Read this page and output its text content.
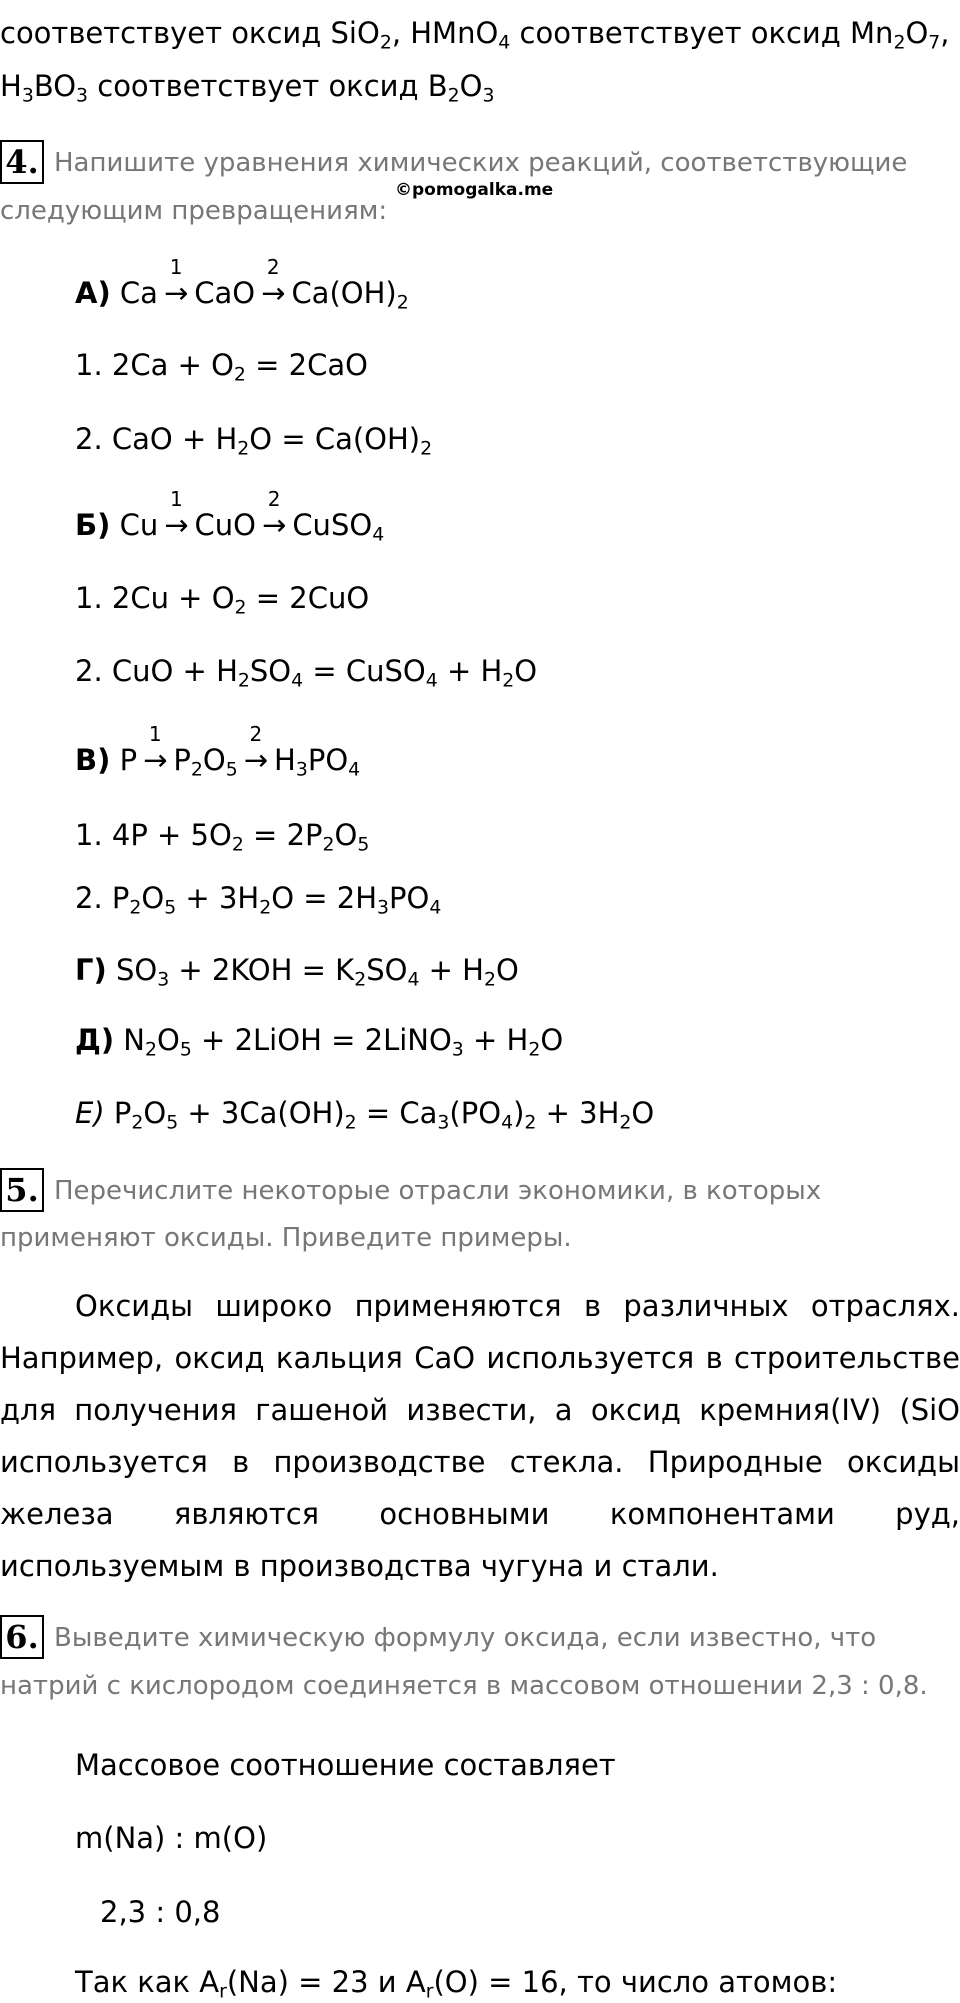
соответствует оксид SiO$_2$, HMnO$_4$ соответствует оксид $Mn_2O_7$,
$H_3BO_3$ соответствует оксид $B_2O_3$
4. Напишите уравнения химических реакций, соответствующие
следующим превращениям:
©pomogalka.me
А) Ca
1
→ CaO
2
→ $Ca(OH)_2$
1. $2Ca + O_2 = 2CaO$
2. CaO + $H_2O = Ca(OH)_2$
Б) Cu
1
→ CuO
2
→ CuSO$_4$
1. $2Cu + O_2 = 2CuO$
2. CuO + $H_2SO_4$ = CuSO$_4$ + $H_2O$
В) P
1
→ $P_2O_5$
2
→ $H_3PO_4$
1. $4P + 5O_2 = 2P_2O_5$
2. $P_2O_5 + 3H_2O = 2H_3PO_4$
Г) $SO_3 + 2KOH = K_2SO_4 + H_2O$
Д) $N_2O_5$ + 2LiOH = 2LiNO$_3$ + $H_2O$
Е) $P_2O_5 + 3Ca(OH)_2 = Ca_3(PO_4)_2 + 3H_2O$
5. Перечислите некоторые отрасли экономики, в которых
применяют оксиды. Приведите примеры.
Оксиды широко применяются в различных отраслях.
Например, оксид кальция CaO используется в строительстве
для получения гашеной извести, а оксид кремния(IV) (SiO
используется в производстве стекла. Природные оксиды
железа являются основными компонентами руд,
используемым в производства чугуна и стали.
6. Выведите химическую формулу оксида, если известно, что
натрий с кислородом соединяется в массовом отношении 2,3 : 0,8.
Массовое соотношение составляет
m(Na) : m(O)
2,3 : 0,8
Так как $A_r(Na) = 23$ и $A_r(O) = 16$, то число атомов:
